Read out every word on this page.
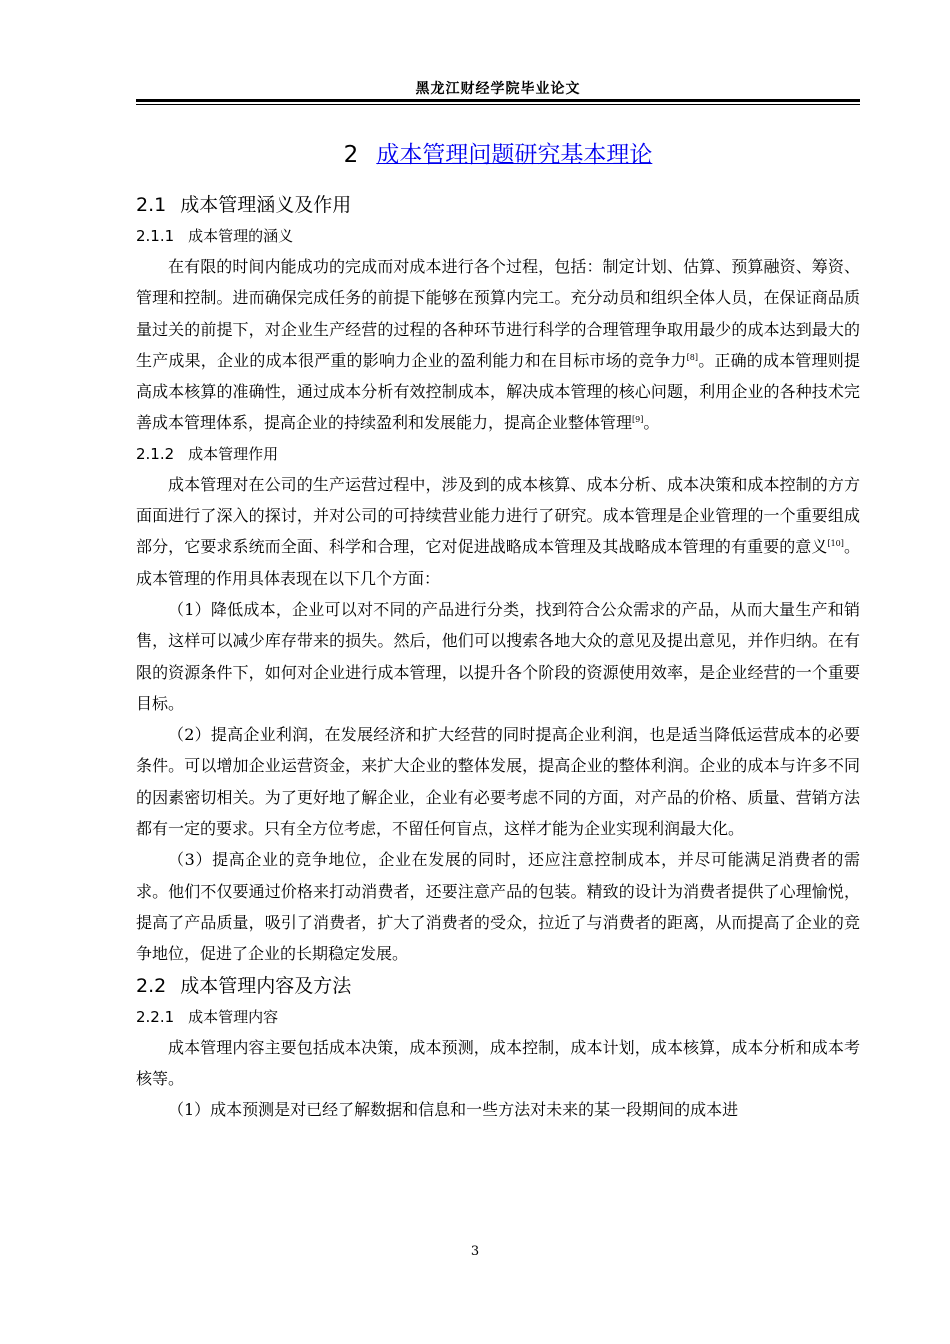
黑龙江财经学院毕业论文
2 成本管理问题研究基本理论
2.1 成本管理涵义及作用
2.1.1 成本管理的涵义

在有限的时间内能成功的完成而对成本进行各个过程，包括：制定计划、估算、预算融资、筹资、管理和控制。进而确保完成任务的前提下能够在预算内完工。充分动员和组织全体人员，在保证商品质量过关的前提下，对企业生产经营的过程的各种环节进行科学的合理管理争取用最少的成本达到最大的生产成果，企业的成本很严重的影响力企业的盈利能力和在目标市场的竞争力[8]。正确的成本管理则提高成本核算的准确性，通过成本分析有效控制成本，解决成本管理的核心问题，利用企业的各种技术完善成本管理体系，提高企业的持续盈利和发展能力，提高企业整体管理[9]。

2.1.2 成本管理作用

成本管理对在公司的生产运营过程中，涉及到的成本核算、成本分析、成本决策和成本控制的方方面面进行了深入的探讨，并对公司的可持续营业能力进行了研究。成本管理是企业管理的一个重要组成部分，它要求系统而全面、科学和合理，它对促进战略成本管理及其战略成本管理的有重要的意义[10]。成本管理的作用具体表现在以下几个方面：

（1）降低成本，企业可以对不同的产品进行分类，找到符合公众需求的产品，从而大量生产和销售，这样可以减少库存带来的损失。然后，他们可以搜索各地大众的意见及提出意见，并作归纳。在有限的资源条件下，如何对企业进行成本管理，以提升各个阶段的资源使用效率，是企业经营的一个重要目标。

（2）提高企业利润，在发展经济和扩大经营的同时提高企业利润，也是适当降低运营成本的必要条件。可以增加企业运营资金，来扩大企业的整体发展，提高企业的整体利润。企业的成本与许多不同的因素密切相关。为了更好地了解企业，企业有必要考虑不同的方面，对产品的价格、质量、营销方法都有一定的要求。只有全方位考虑，不留任何盲点，这样才能为企业实现利润最大化。

（3）提高企业的竞争地位，企业在发展的同时，还应注意控制成本，并尽可能满足消费者的需求。他们不仅要通过价格来打动消费者，还要注意产品的包装。精致的设计为消费者提供了心理愉悦，提高了产品质量，吸引了消费者，扩大了消费者的受众，拉近了与消费者的距离，从而提高了企业的竞争地位，促进了企业的长期稳定发展。

2.2 成本管理内容及方法
2.2.1 成本管理内容

成本管理内容主要包括成本决策，成本预测，成本控制，成本计划，成本核算，成本分析和成本考核等。

（1）成本预测是对已经了解数据和信息和一些方法对未来的某一段期间的成本进

3
